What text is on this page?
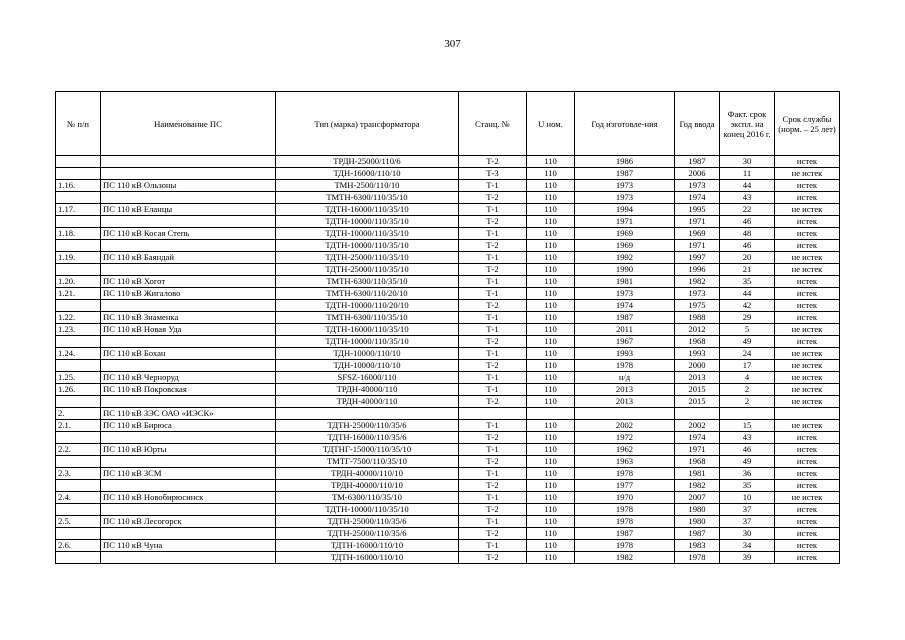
307
№ п/п	Наименование ПС	Тип (марка) трансформатора	Станц. №	U ном.	Год изготовле-ния	Год ввода	Факт. срок экспл. на конец 2016 г.	Срок службы (норм. – 25 лет)
		ТРДН-25000/110/6	Т-2	110	1986	1987	30	истек
		ТДН-16000/110/10	Т-3	110	1987	2006	11	не истек
1.16.	ПС 110 кВ Ользоны	ТМН-2500/110/10	Т-1	110	1973	1973	44	истек
		ТМТН-6300/110/35/10	Т-2	110	1973	1974	43	истек
1.17.	ПС 110 кВ Еланцы	ТДТН-16000/110/35/10	Т-1	110	1994	1995	22	не истек
		ТДТН-10000/110/35/10	Т-2	110	1971	1971	46	истек
1.18.	ПС 110 кВ Косая Степь	ТДТН-10000/110/35/10	Т-1	110	1969	1969	48	истек
		ТДТН-10000/110/35/10	Т-2	110	1969	1971	46	истек
1.19.	ПС 110 кВ Баяндай	ТДТН-25000/110/35/10	Т-1	110	1992	1997	20	не истек
		ТДТН-25000/110/35/10	Т-2	110	1990	1996	21	не истек
1.20.	ПС 110 кВ Хогот	ТМТН-6300/110/35/10	Т-1	110	1981	1982	35	истек
1.21.	ПС 110 кВ Жигалово	ТМТН-6300/110/20/10	Т-1	110	1973	1973	44	истек
		ТДТН-10000/110/20/10	Т-2	110	1974	1975	42	истек
1.22.	ПС 110 кВ Знаменка	ТМТН-6300/110/35/10	Т-1	110	1987	1988	29	истек
1.23.	ПС 110 кВ Новая Уда	ТДТН-16000/110/35/10	Т-1	110	2011	2012	5	не истек
		ТДТН-10000/110/35/10	Т-2	110	1967	1968	49	истек
1.24.	ПС 110 кВ Бохан	ТДН-10000/110/10	Т-1	110	1993	1993	24	не истек
		ТДН-10000/110/10	Т-2	110	1978	2000	17	не истек
1.25.	ПС 110 кВ Черноруд	SFSZ-16000/110	Т-1	110	н/д	2013	4	не истек
1.26.	ПС 110 кВ Покровская	ТРДН-40000/110	Т-1	110	2013	2015	2	не истек
		ТРДН-40000/110	Т-2	110	2013	2015	2	не истек
2.	ПС 110 кВ ЗЭС ОАО «ИЭСК»							
2.1.	ПС 110 кВ Бирюса	ТДТН-25000/110/35/6	Т-1	110	2002	2002	15	не истек
		ТДТН-16000/110/35/6	Т-2	110	1972	1974	43	истек
2.2.	ПС 110 кВ Юрты	ТДТНГ-15000/110/35/10	Т-1	110	1962	1971	46	истек
		ТМТГ-7500/110/35/10	Т-2	110	1963	1968	49	истек
2.3.	ПС 110 кВ ЗСМ	ТРДН-40000/110/10	Т-1	110	1978	1981	36	истек
		ТРДН-40000/110/10	Т-2	110	1977	1982	35	истек
2.4.	ПС 110 кВ Новобирюсинск	ТМ-6300/110/35/10	Т-1	110	1970	2007	10	не истек
		ТДТН-10000/110/35/10	Т-2	110	1978	1980	37	истек
2.5.	ПС 110 кВ Лесогорск	ТДТН-25000/110/35/6	Т-1	110	1978	1980	37	истек
		ТДТН-25000/110/35/6	Т-2	110	1987	1987	30	истек
2.6.	ПС 110 кВ Чуна	ТДТН-16000/110/10	Т-1	110	1978	1983	34	истек
		ТДТН-16000/110/10	Т-2	110	1982	1978	39	истек
